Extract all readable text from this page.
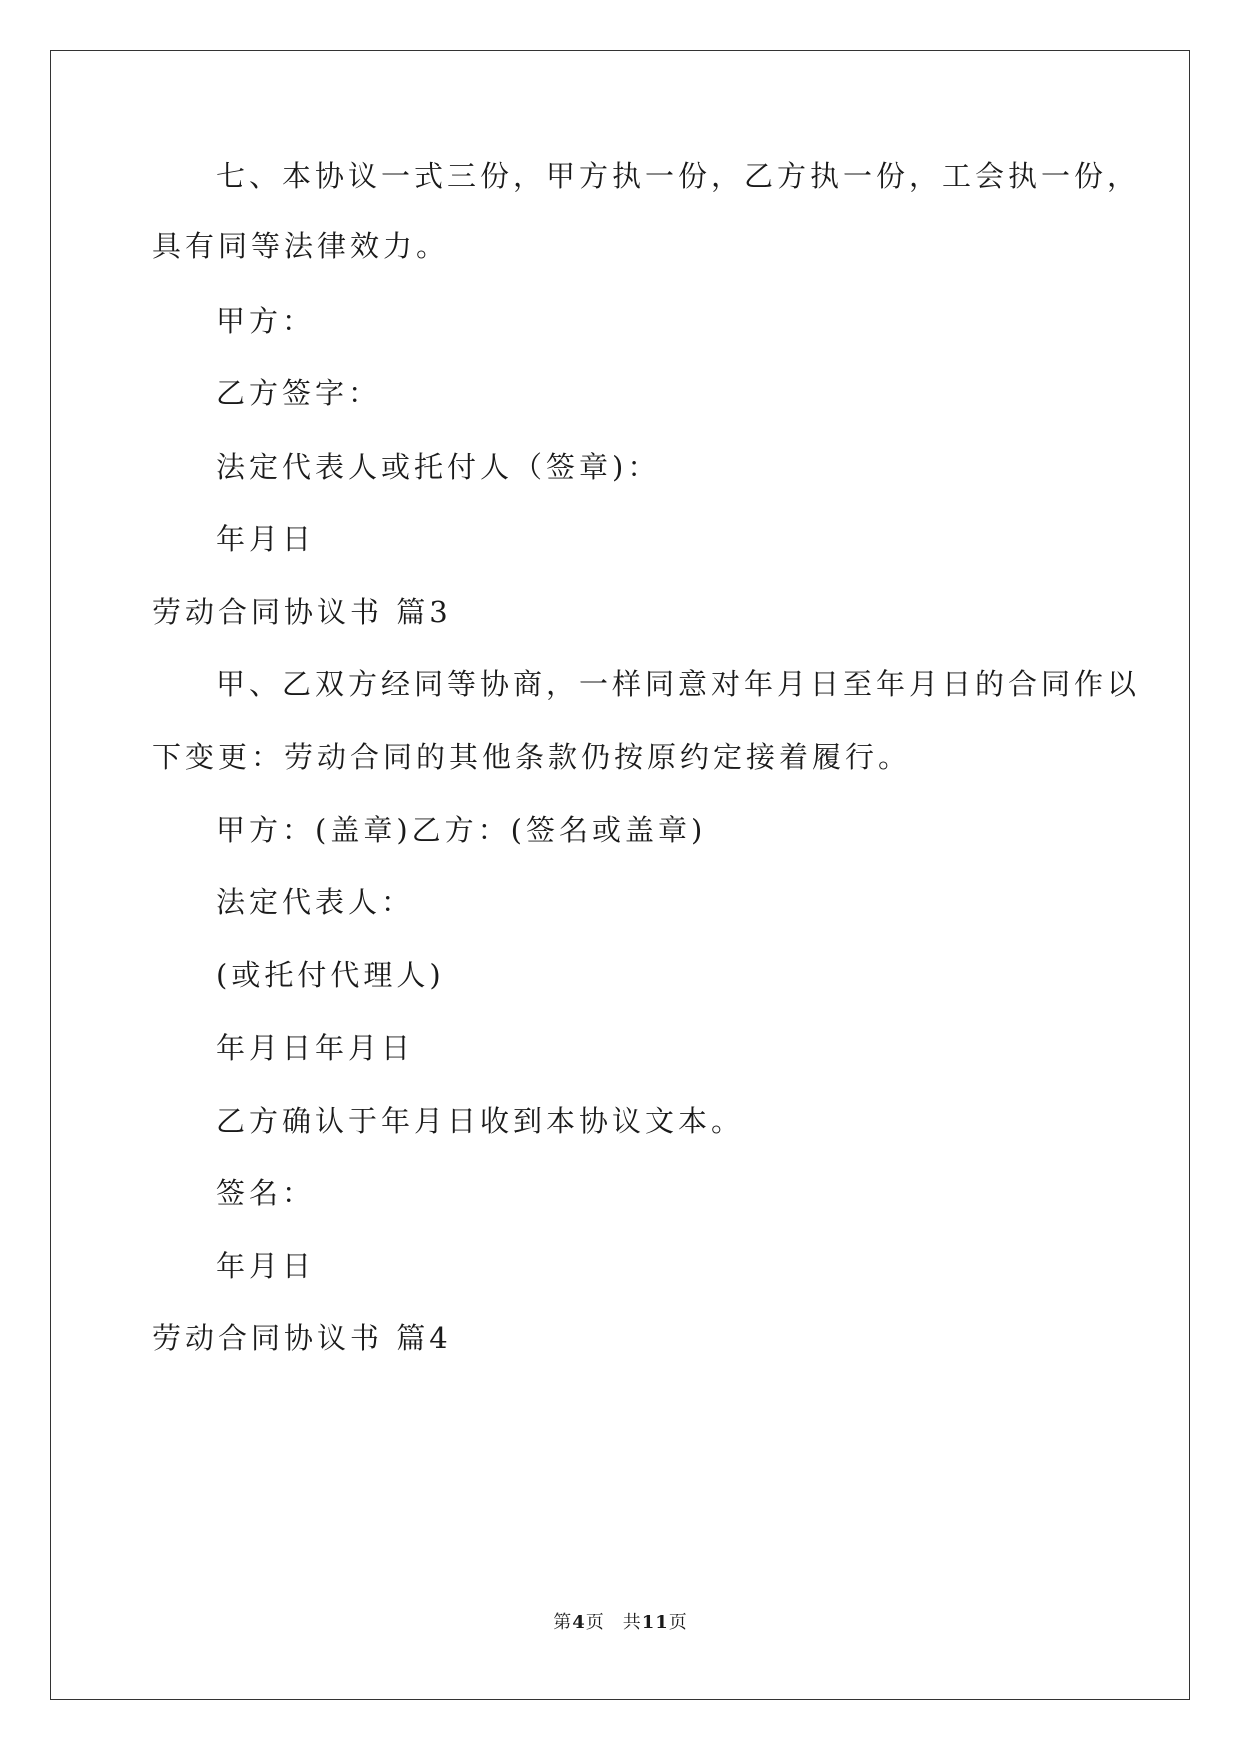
七、本协议一式三份，甲方执一份，乙方执一份，工会执一份，

具有同等法律效力。

甲方：

乙方签字：

法定代表人或托付人（签章)：

年月日

劳动合同协议书 篇3

甲、乙双方经同等协商，一样同意对年月日至年月日的合同作以

下变更：劳动合同的其他条款仍按原约定接着履行。

甲方：(盖章)乙方：(签名或盖章)

法定代表人：

(或托付代理人)

年月日年月日

乙方确认于年月日收到本协议文本。

签名：

年月日

劳动合同协议书 篇4

第4页 共11页
